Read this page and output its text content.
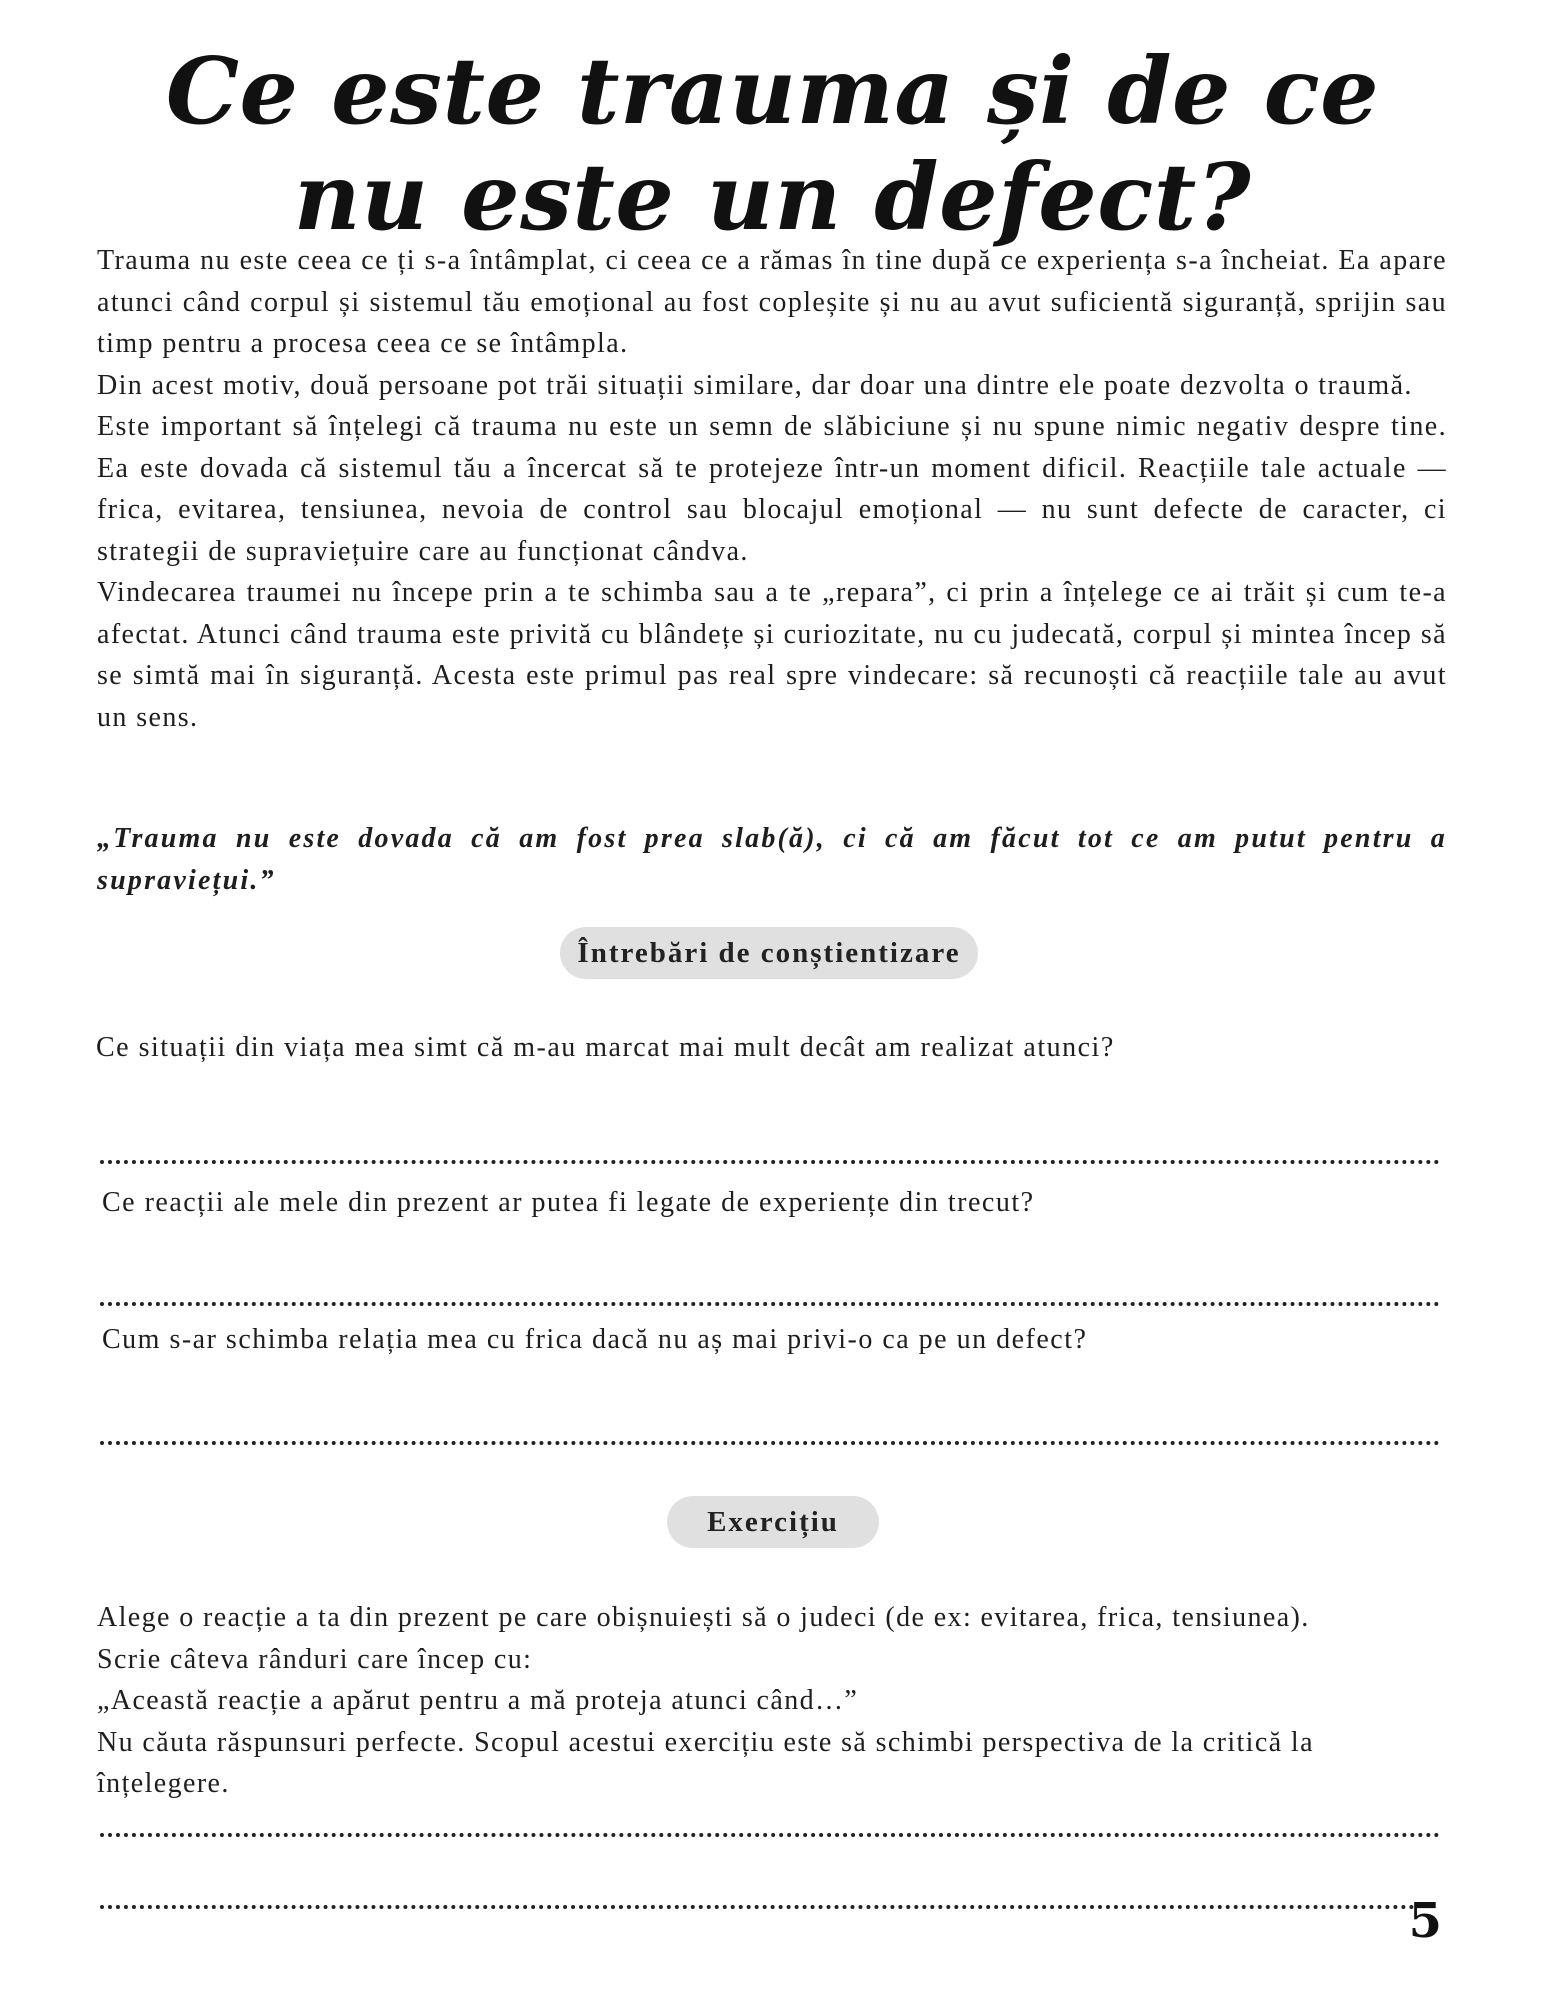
Ce este trauma și de ce nu este un defect?

Trauma nu este ceea ce ți s-a întâmplat, ci ceea ce a rămas în tine după ce experiența s-a încheiat. Ea apare atunci când corpul și sistemul tău emoțional au fost copleșite și nu au avut suficientă siguranță, sprijin sau timp pentru a procesa ceea ce se întâmpla.

Din acest motiv, două persoane pot trăi situații similare, dar doar una dintre ele poate dezvolta o traumă.

Este important să înțelegi că trauma nu este un semn de slăbiciune și nu spune nimic negativ despre tine. Ea este dovada că sistemul tău a încercat să te protejeze într-un moment dificil. Reacțiile tale actuale — frica, evitarea, tensiunea, nevoia de control sau blocajul emoțional — nu sunt defecte de caracter, ci strategii de supraviețuire care au funcționat cândva.

Vindecarea traumei nu începe prin a te schimba sau a te „repara”, ci prin a înțelege ce ai trăit și cum te-a afectat. Atunci când trauma este privită cu blândețe și curiozitate, nu cu judecată, corpul și mintea încep să se simtă mai în siguranță. Acesta este primul pas real spre vindecare: să recunoști că reacțiile tale au avut un sens.

„Trauma nu este dovada că am fost prea slab(ă), ci că am făcut tot ce am putut pentru a supraviețui.”

Întrebări de conștientizare

Ce situații din viața mea simt că m-au marcat mai mult decât am realizat atunci?

Ce reacții ale mele din prezent ar putea fi legate de experiențe din trecut?

Cum s-ar schimba relația mea cu frica dacă nu aș mai privi-o ca pe un defect?

Exercițiu

Alege o reacție a ta din prezent pe care obișnuiești să o judeci (de ex: evitarea, frica, tensiunea).

Scrie câteva rânduri care încep cu:

„Această reacție a apărut pentru a mă proteja atunci când…”

Nu căuta răspunsuri perfecte. Scopul acestui exercițiu este să schimbi perspectiva de la critică la înțelegere.

5
